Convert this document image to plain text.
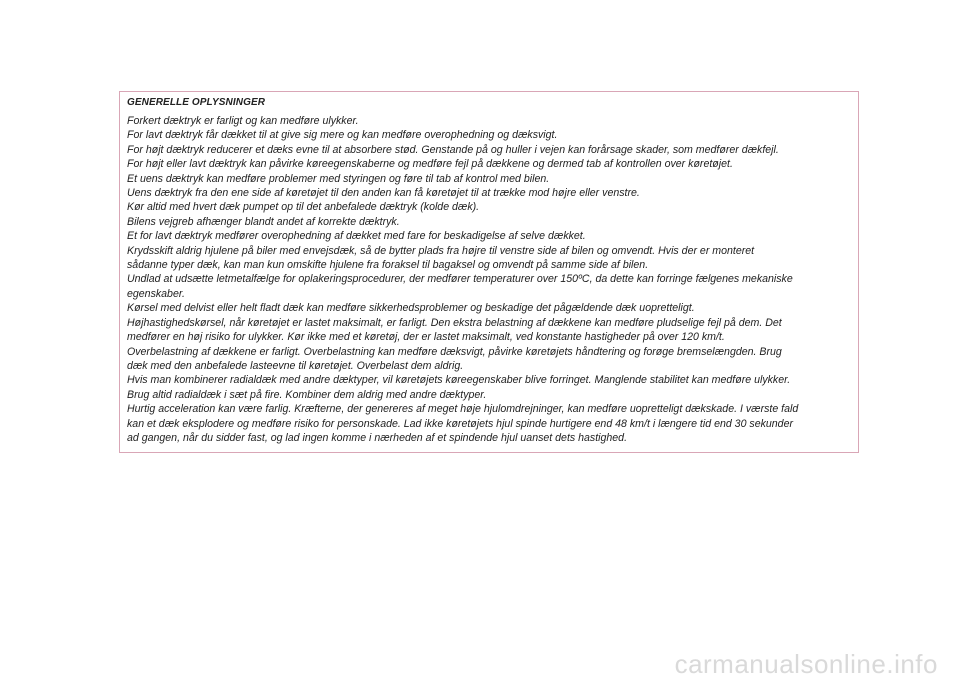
GENERELLE OPLYSNINGER
Forkert dæktryk er farligt og kan medføre ulykker.
For lavt dæktryk får dækket til at give sig mere og kan medføre overophedning og dæksvigt.
For højt dæktryk reducerer et dæks evne til at absorbere stød. Genstande på og huller i vejen kan forårsage skader, som medfører dækfejl.
For højt eller lavt dæktryk kan påvirke køreegenskaberne og medføre fejl på dækkene og dermed tab af kontrollen over køretøjet.
Et uens dæktryk kan medføre problemer med styringen og føre til tab af kontrol med bilen.
Uens dæktryk fra den ene side af køretøjet til den anden kan få køretøjet til at trække mod højre eller venstre.
Kør altid med hvert dæk pumpet op til det anbefalede dæktryk (kolde dæk).
Bilens vejgreb afhænger blandt andet af korrekte dæktryk.
Et for lavt dæktryk medfører overophedning af dækket med fare for beskadigelse af selve dækket.
Krydsskift aldrig hjulene på biler med envejsdæk, så de bytter plads fra højre til venstre side af bilen og omvendt. Hvis der er monteret
sådanne typer dæk, kan man kun omskifte hjulene fra foraksel til bagaksel og omvendt på samme side af bilen.
Undlad at udsætte letmetalfælge for oplakeringsprocedurer, der medfører temperaturer over 150ºC, da dette kan forringe fælgenes mekaniske
egenskaber.
Kørsel med delvist eller helt fladt dæk kan medføre sikkerhedsproblemer og beskadige det pågældende dæk uopretteligt.
Højhastighedskørsel, når køretøjet er lastet maksimalt, er farligt. Den ekstra belastning af dækkene kan medføre pludselige fejl på dem. Det
medfører en høj risiko for ulykker. Kør ikke med et køretøj, der er lastet maksimalt, ved konstante hastigheder på over 120 km/t.
Overbelastning af dækkene er farligt. Overbelastning kan medføre dæksvigt, påvirke køretøjets håndtering og forøge bremselængden. Brug
dæk med den anbefalede lasteevne til køretøjet. Overbelast dem aldrig.
Hvis man kombinerer radialdæk med andre dæktyper, vil køretøjets køreegenskaber blive forringet. Manglende stabilitet kan medføre ulykker.
Brug altid radialdæk i sæt på fire. Kombiner dem aldrig med andre dæktyper.
Hurtig acceleration kan være farlig. Kræfterne, der genereres af meget høje hjulomdrejninger, kan medføre uopretteligt dækskade. I værste fald
kan et dæk eksplodere og medføre risiko for personskade. Lad ikke køretøjets hjul spinde hurtigere end 48 km/t i længere tid end 30 sekunder
ad gangen, når du sidder fast, og lad ingen komme i nærheden af et spindende hjul uanset dets hastighed.
carmanualsonline.info
